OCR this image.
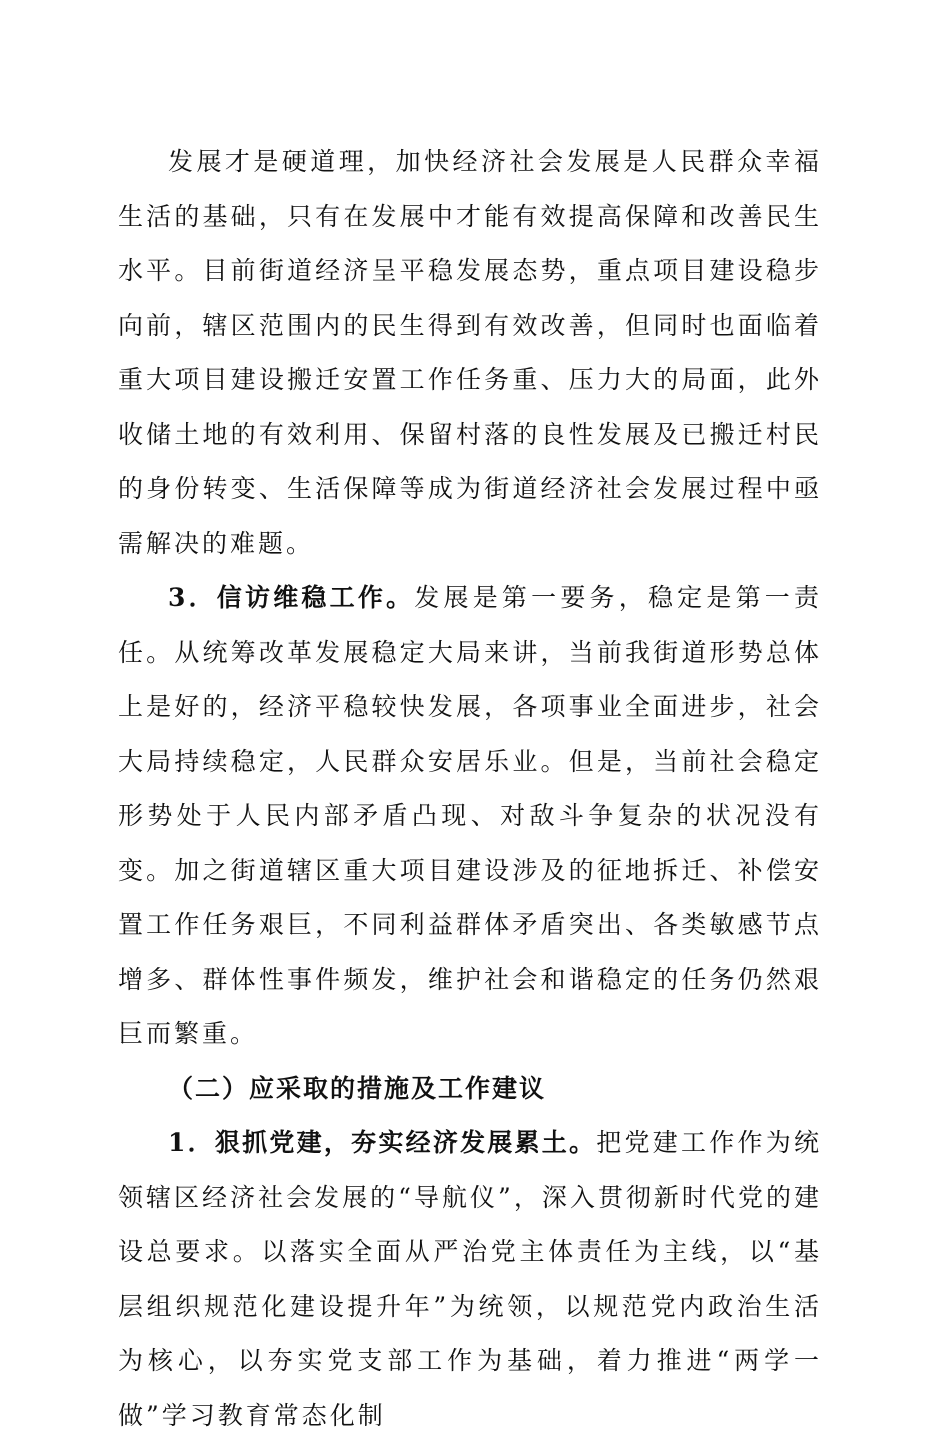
发展才是硬道理，加快经济社会发展是人民群众幸福生活的基础，只有在发展中才能有效提高保障和改善民生水平。目前街道经济呈平稳发展态势，重点项目建设稳步向前，辖区范围内的民生得到有效改善，但同时也面临着重大项目建设搬迁安置工作任务重、压力大的局面，此外收储土地的有效利用、保留村落的良性发展及已搬迁村民的身份转变、生活保障等成为街道经济社会发展过程中亟需解决的难题。

3．信访维稳工作。发展是第一要务，稳定是第一责任。从统筹改革发展稳定大局来讲，当前我街道形势总体上是好的，经济平稳较快发展，各项事业全面进步，社会大局持续稳定，人民群众安居乐业。但是，当前社会稳定形势处于人民内部矛盾凸现、对敌斗争复杂的状况没有变。加之街道辖区重大项目建设涉及的征地拆迁、补偿安置工作任务艰巨，不同利益群体矛盾突出、各类敏感节点增多、群体性事件频发，维护社会和谐稳定的任务仍然艰巨而繁重。

（二）应采取的措施及工作建议

1．狠抓党建，夯实经济发展累土。把党建工作作为统领辖区经济社会发展的“导航仪”，深入贯彻新时代党的建设总要求。以落实全面从严治党主体责任为主线，以“基层组织规范化建设提升年”为统领，以规范党内政治生活为核心，以夯实党支部工作为基础，着力推进“两学一做”学习教育常态化制
